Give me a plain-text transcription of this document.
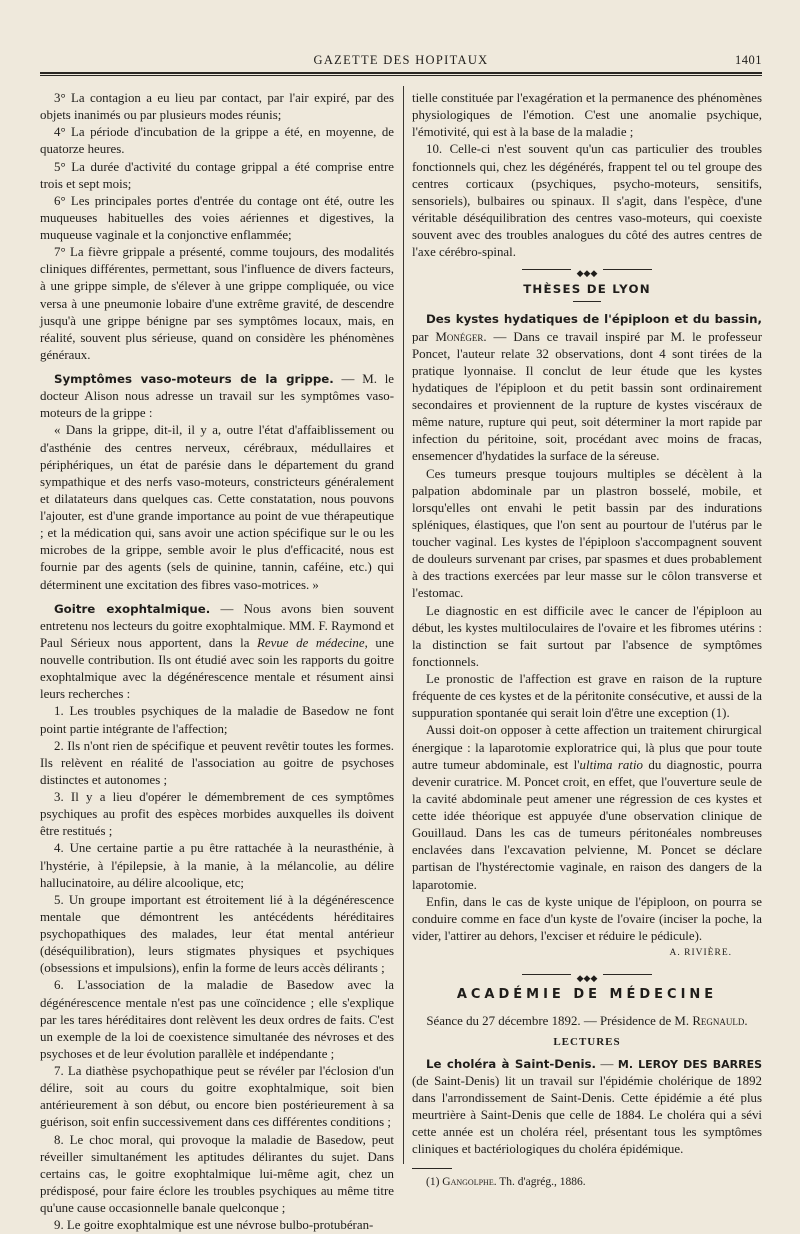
GAZETTE DES HOPITAUX	1401

3° La contagion a eu lieu par contact, par l'air expiré, par des objets inanimés ou par plusieurs modes réunis;

4° La période d'incubation de la grippe a été, en moyenne, de quatorze heures.

5° La durée d'activité du contage grippal a été comprise entre trois et sept mois;

6° Les principales portes d'entrée du contage ont été, outre les muqueuses habituelles des voies aériennes et digestives, la muqueuse vaginale et la conjonctive enflammée;

7° La fièvre grippale a présenté, comme toujours, des modalités cliniques différentes, permettant, sous l'influence de divers facteurs, à une grippe simple, de s'élever à une grippe compliquée, ou vice versa à une pneumonie lobaire d'une extrême gravité, de descendre jusqu'à une grippe bénigne par ses symptômes locaux, mais, en réalité, souvent plus sérieuse, quand on considère les phénomènes généraux.

Symptômes vaso-moteurs de la grippe. — M. le docteur Alison nous adresse un travail sur les symptômes vaso-moteurs de la grippe :

« Dans la grippe, dit-il, il y a, outre l'état d'affaiblissement ou d'asthénie des centres nerveux, cérébraux, médullaires et périphériques, un état de parésie dans le département du grand sympathique et des nerfs vaso-moteurs, constricteurs généralement et dilatateurs dans quelques cas. Cette constatation, nous pouvons l'ajouter, est d'une grande importance au point de vue thérapeutique ; et la médication qui, sans avoir une action spécifique sur le ou les microbes de la grippe, semble avoir le plus d'efficacité, nous est fournie par des agents (sels de quinine, tannin, caféine, etc.) qui déterminent une excitation des fibres vaso-motrices. »

Goitre exophtalmique. — Nous avons bien souvent entretenu nos lecteurs du goitre exophtalmique. MM. F. Raymond et Paul Sérieux nous apportent, dans la Revue de médecine, une nouvelle contribution. Ils ont étudié avec soin les rapports du goitre exophtalmique avec la dégénérescence mentale et résument ainsi leurs recherches :

1. Les troubles psychiques de la maladie de Basedow ne font point partie intégrante de l'affection;

2. Ils n'ont rien de spécifique et peuvent revêtir toutes les formes. Ils relèvent en réalité de l'association au goitre de psychoses distinctes et autonomes ;

3. Il y a lieu d'opérer le démembrement de ces symptômes psychiques au profit des espèces morbides auxquelles ils doivent être restitués ;

4. Une certaine partie a pu être rattachée à la neurasthénie, à l'hystérie, à l'épilepsie, à la manie, à la mélancolie, au délire hallucinatoire, au délire alcoolique, etc;

5. Un groupe important est étroitement lié à la dégénérescence mentale que démontrent les antécédents héréditaires psychopathiques des malades, leur état mental antérieur (déséquilibration), leurs stigmates physiques et psychiques (obsessions et impulsions), enfin la forme de leurs accès délirants ;

6. L'association de la maladie de Basedow avec la dégénérescence mentale n'est pas une coïncidence ; elle s'explique par les tares héréditaires dont relèvent les deux ordres de faits. C'est un exemple de la loi de coexistence simultanée des névroses et des psychoses et de leur évolution parallèle et indépendante ;

7. La diathèse psychopathique peut se révéler par l'éclosion d'un délire, soit au cours du goitre exophtalmique, soit bien antérieurement à son début, ou encore bien postérieurement à sa guérison, soit enfin successivement dans ces différentes conditions ;

8. Le choc moral, qui provoque la maladie de Basedow, peut réveiller simultanément les aptitudes délirantes du sujet. Dans certains cas, le goitre exophtalmique lui-même agit, chez un prédisposé, pour faire éclore les troubles psychiques au même titre qu'une cause occasionnelle banale quelconque ;

9. Le goitre exophtalmique est une névrose bulbo-protubéran-

tielle constituée par l'exagération et la permanence des phénomènes physiologiques de l'émotion. C'est une anomalie psychique, l'émotivité, qui est à la base de la maladie ;

10. Celle-ci n'est souvent qu'un cas particulier des troubles fonctionnels qui, chez les dégénérés, frappent tel ou tel groupe des centres corticaux (psychiques, psycho-moteurs, sensitifs, sensoriels), bulbaires ou spinaux. Il s'agit, dans l'espèce, d'une véritable déséquilibration des centres vaso-moteurs, qui coexiste souvent avec des troubles analogues du côté des autres centres de l'axe cérébro-spinal.

◆◆◆
THÈSES DE LYON

Des kystes hydatiques de l'épiploon et du bassin, par Monéger. — Dans ce travail inspiré par M. le professeur Poncet, l'auteur relate 32 observations, dont 4 sont tirées de la pratique lyonnaise. Il conclut de leur étude que les kystes hydatiques de l'épiploon et du petit bassin sont ordinairement secondaires et proviennent de la rupture de kystes viscéraux de même nature, rupture qui peut, soit déterminer la mort rapide par infection du péritoine, soit, procédant avec moins de fracas, ensemencer d'hydatides la surface de la séreuse.

Ces tumeurs presque toujours multiples se décèlent à la palpation abdominale par un plastron bosselé, mobile, et lorsqu'elles ont envahi le petit bassin par des indurations spléniques, élastiques, que l'on sent au pourtour de l'utérus par le toucher vaginal. Les kystes de l'épiploon s'accompagnent souvent de douleurs survenant par crises, par spasmes et dues probablement à des tractions exercées par leur masse sur le côlon transverse et l'estomac.

Le diagnostic en est difficile avec le cancer de l'épiploon au début, les kystes multiloculaires de l'ovaire et les fibromes utérins : la distinction se fait surtout par l'absence de symptômes fonctionnels.

Le pronostic de l'affection est grave en raison de la rupture fréquente de ces kystes et de la péritonite consécutive, et aussi de la suppuration spontanée qui serait loin d'être une exception (1).

Aussi doit-on opposer à cette affection un traitement chirurgical énergique : la laparotomie exploratrice qui, là plus que pour toute autre tumeur abdominale, est l'ultima ratio du diagnostic, pourra devenir curatrice. M. Poncet croit, en effet, que l'ouverture seule de la cavité abdominale peut amener une régression de ces kystes et cette idée théorique est appuyée d'une observation clinique de Gouillaud. Dans les cas de tumeurs péritonéales nombreuses enclavées dans l'excavation pelvienne, M. Poncet se déclare partisan de l'hystérectomie vaginale, en raison des dangers de la laparotomie.

Enfin, dans le cas de kyste unique de l'épiploon, on pourra se conduire comme en face d'un kyste de l'ovaire (inciser la poche, la vider, l'attirer au dehors, l'exciser et réduire le pédicule).

A. RIVIÈRE.
◆◆◆
ACADÉMIE DE MÉDECINE

Séance du 27 décembre 1892. — Présidence de M. Regnauld.

LECTURES

Le choléra à Saint-Denis. — M. LEROY DES BARRES (de Saint-Denis) lit un travail sur l'épidémie cholérique de 1892 dans l'arrondissement de Saint-Denis. Cette épidémie a été plus meurtrière à Saint-Denis que celle de 1884. Le choléra qui a sévi cette année est un choléra réel, présentant tous les symptômes cliniques et bactériologiques du choléra épidémique.

(1) Gangolphe. Th. d'agrég., 1886.
